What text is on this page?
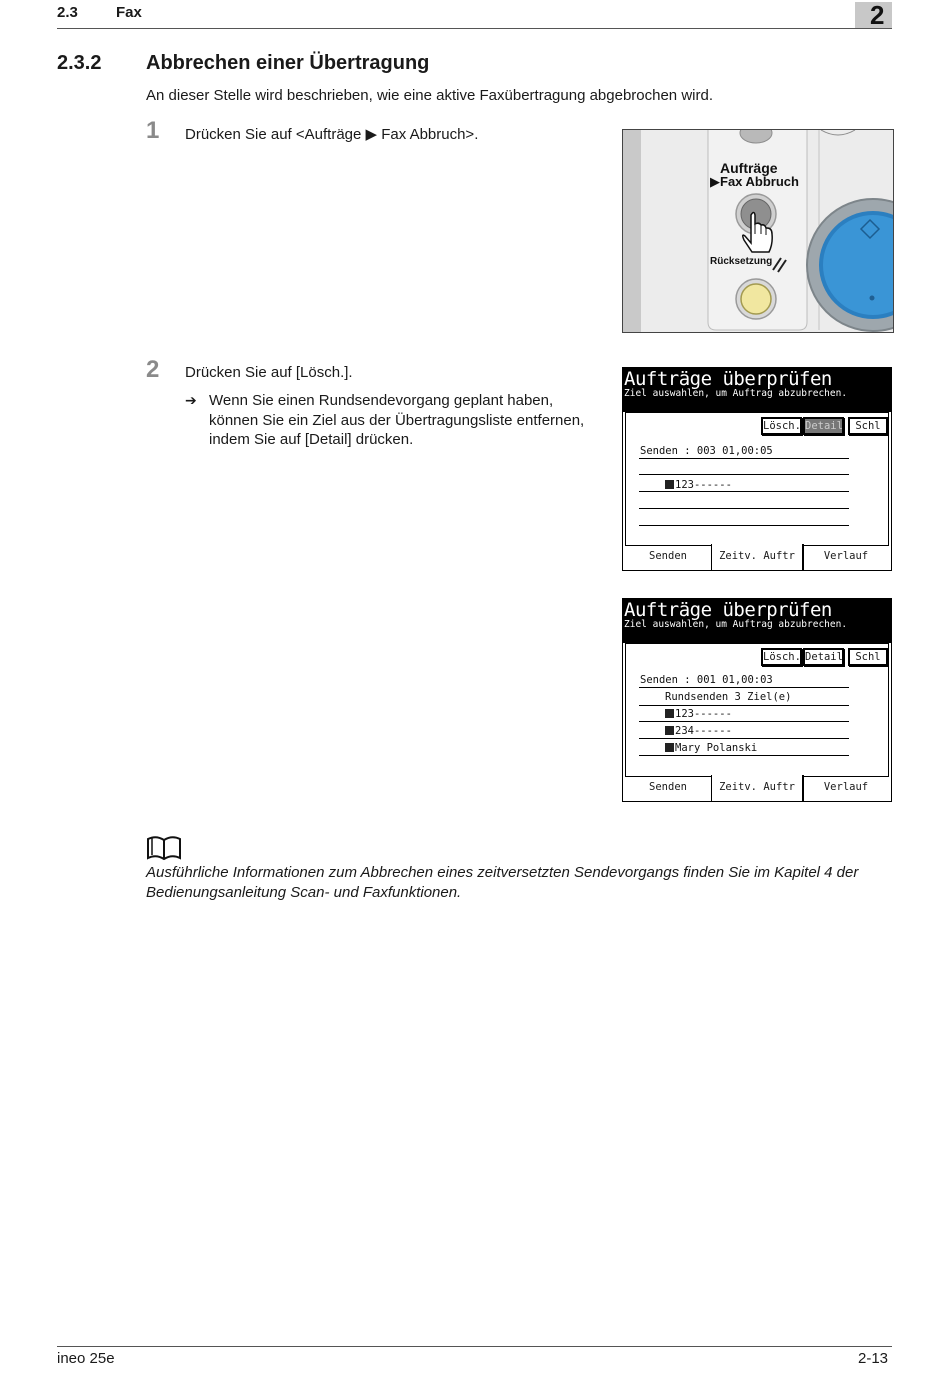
2.3	Fax	2
2.3.2 Abbrechen einer Übertragung
An dieser Stelle wird beschrieben, wie eine aktive Faxübertragung abgebrochen wird.
1 Drücken Sie auf <Aufträge ▶ Fax Abbruch>.
Aufträge
▶Fax Abbruch
Rücksetzung
2 Drücken Sie auf [Lösch.].
➔ Wenn Sie einen Rundsendevorgang geplant haben,
können Sie ein Ziel aus der Übertragungsliste entfernen,
indem Sie auf [Detail] drücken.
Aufträge überprüfen
Ziel auswahlen, um Auftrag abzubrechen.
Lösch. Detail	Schl
Senden : 003 01,00:05
123------
Senden	Zeitv. Auftr	Verlauf
Aufträge überprüfen
Ziel auswahlen, um Auftrag abzubrechen.
Lösch. Detail	Schl
Senden : 001 01,00:03
Rundsenden 3 Ziel(e)
123------
234------
Mary Polanski
Senden	Zeitv. Auftr	Verlauf
Ausführliche Informationen zum Abbrechen eines zeitversetzten Sendevorgangs finden Sie im Kapitel 4 der Bedienungsanleitung Scan- und Faxfunktionen.
ineo 25e	2-13
